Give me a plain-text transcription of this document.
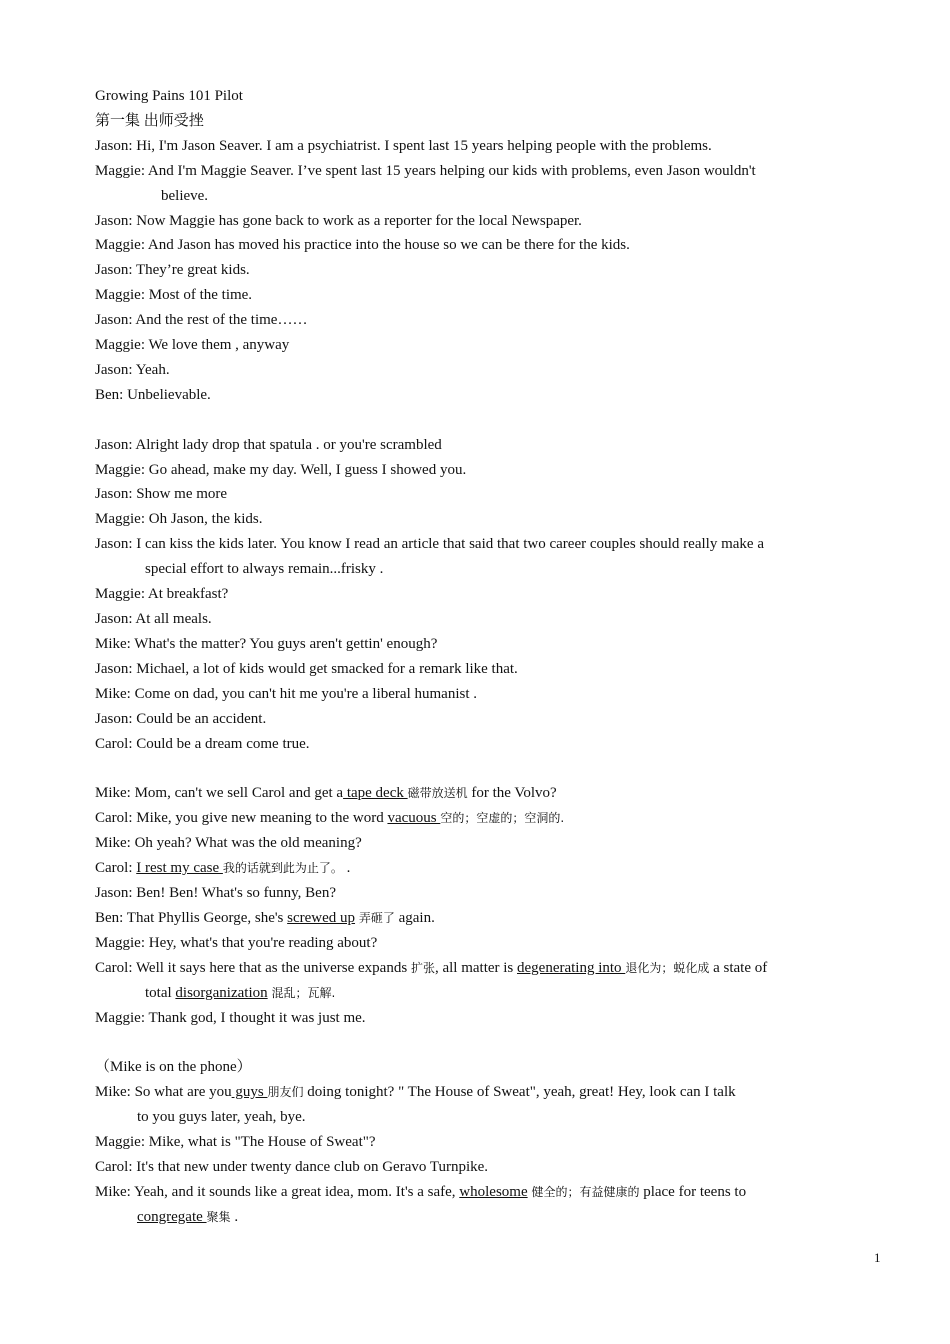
Growing Pains 101 Pilot
第一集 出师受挫
Jason: Hi, I'm Jason Seaver. I am a psychiatrist. I spent last 15 years helping people with the problems.
Maggie: And I'm Maggie Seaver. I’ve spent last 15 years helping our kids with problems, even Jason wouldn't
believe.
Jason: Now Maggie has gone back to work as a reporter for the local Newspaper.
Maggie: And Jason has moved his practice into the house so we can be there for the kids.
Jason: They’re great kids.
Maggie: Most of the time.
Jason: And the rest of the time……
Maggie: We love them , anyway
Jason: Yeah.
Ben: Unbelievable.
Jason: Alright lady drop that spatula . or you're scrambled
Maggie: Go ahead, make my day. Well, I guess I showed you.
Jason: Show me more
Maggie: Oh Jason, the kids.
Jason: I can kiss the kids later. You know I read an article that said that two career couples should really make a
special effort to always remain...frisky .
Maggie: At breakfast?
Jason: At all meals.
Mike: What's the matter? You guys aren't gettin' enough?
Jason: Michael, a lot of kids would get smacked for a remark like that.
Mike: Come on dad, you can't hit me you're a liberal humanist .
Jason: Could be an accident.
Carol: Could be a dream come true.
Mike: Mom, can't we sell Carol and get a tape deck 磁带放送机 for the Volvo?
Carol: Mike, you give new meaning to the word vacuous 空的；空虚的；空洞的.
Mike: Oh yeah? What was the old meaning?
Carol: I rest my case 我的话就到此为止了。 .
Jason: Ben! Ben! What's so funny, Ben?
Ben: That Phyllis George, she's screwed up 弄砸了 again.
Maggie: Hey, what's that you're reading about?
Carol: Well it says here that as the universe expands 扩张, all matter is degenerating into 退化为；蜕化成 a state of
total disorganization 混乱；瓦解.
Maggie: Thank god, I thought it was just me.
（Mike is on the phone）
Mike: So what are you guys 朋友们 doing tonight? " The House of Sweat", yeah, great! Hey, look can I talk
to you guys later, yeah, bye.
Maggie: Mike, what is "The House of Sweat"?
Carol: It's that new under twenty dance club on Geravo Turnpike.
Mike: Yeah, and it sounds like a great idea, mom. It's a safe, wholesome 健全的；有益健康的 place for teens to
congregate 聚集 .
1
